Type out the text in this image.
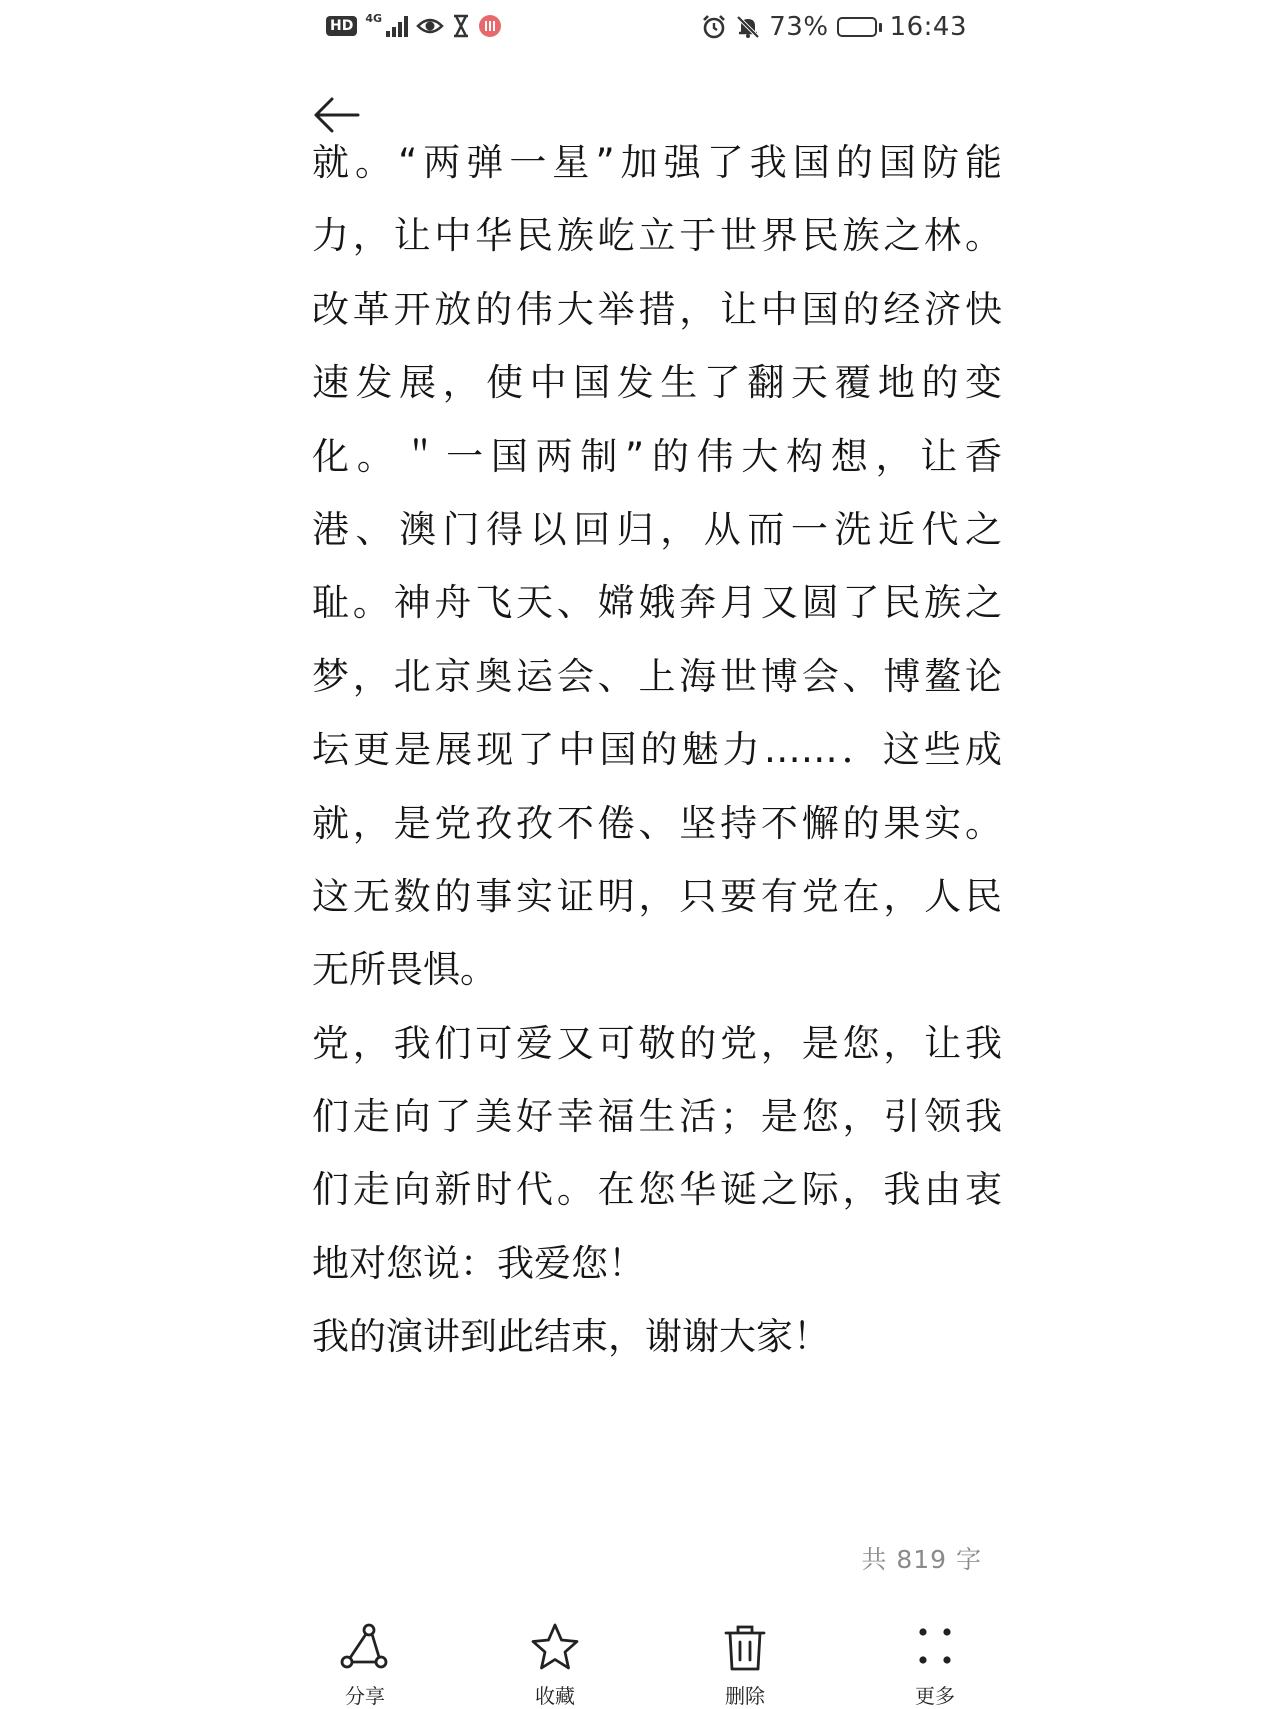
HD	4G	73% 16:43
就。“两弹一星”加强了我国的国防能
力，让中华民族屹立于世界民族之林。
改革开放的伟大举措，让中国的经济快
速发展，使中国发生了翻天覆地的变
化。＂一国两制”的伟大构想，让香
港、澳门得以回归，从而一洗近代之
耻。神舟飞天、嫦娥奔月又圆了民族之
梦，北京奥运会、上海世博会、博鳌论
坛更是展现了中国的魅力……．这些成
就，是党孜孜不倦、坚持不懈的果实。
这无数的事实证明，只要有党在，人民
无所畏惧。
党，我们可爱又可敬的党，是您，让我
们走向了美好幸福生活；是您，引领我
们走向新时代。在您华诞之际，我由衷
地对您说：我爱您！
我的演讲到此结束，谢谢大家！
共 819 字
分享	收藏	删除	更多
